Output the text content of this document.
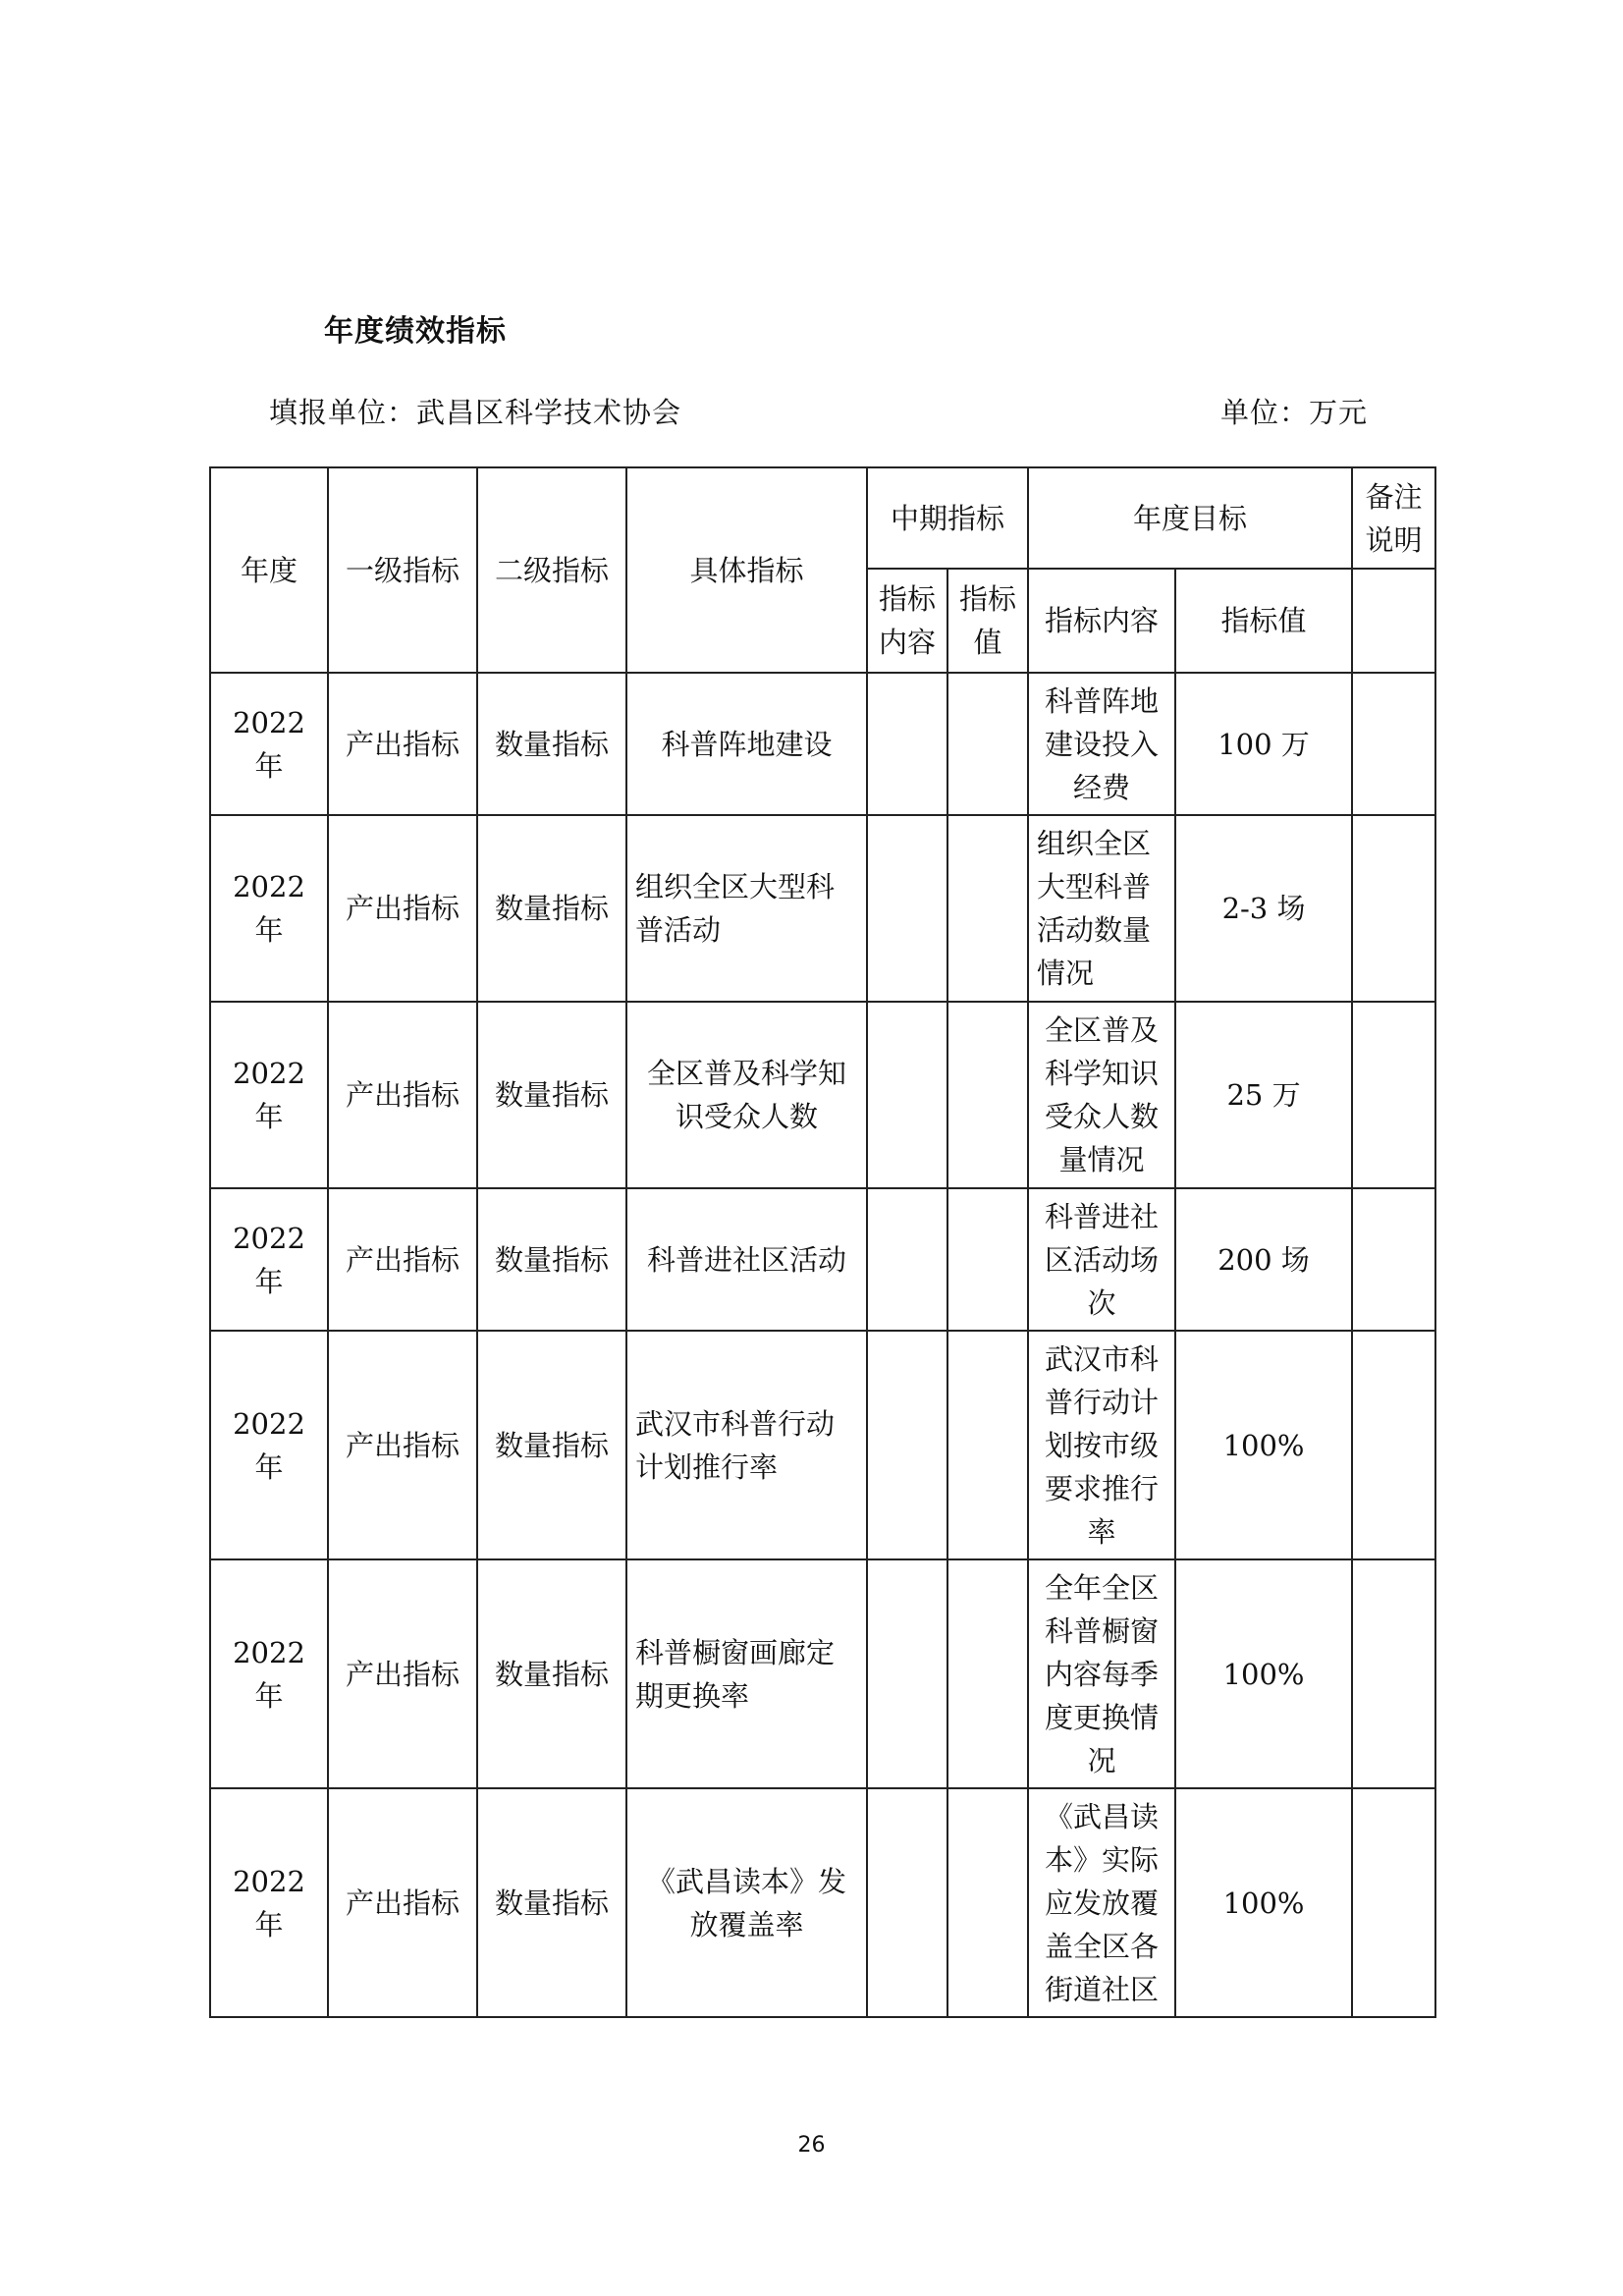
年度绩效指标
填报单位：武昌区科学技术协会	单位：万元
年度	一级指标	二级指标	具体指标	中期指标		年度目标		备注说明
				指标内容	指标值	指标内容	指标值	
2022 年	产出指标	数量指标	科普阵地建设			科普阵地建设投入经费	100 万	
2022 年	产出指标	数量指标	组织全区大型科普活动			组织全区大型科普活动数量情况	2-3 场	
2022 年	产出指标	数量指标	全区普及科学知识受众人数			全区普及科学知识受众人数量情况	25 万	
2022 年	产出指标	数量指标	科普进社区活动			科普进社区活动场次	200 场	
2022 年	产出指标	数量指标	武汉市科普行动计划推行率			武汉市科普行动计划按市级要求推行率	100%	
2022 年	产出指标	数量指标	科普橱窗画廊定期更换率			全年全区科普橱窗内容每季度更换情况	100%	
2022 年	产出指标	数量指标	《武昌读本》发放覆盖率			《武昌读本》实际应发放覆盖全区各街道社区	100%	
26
